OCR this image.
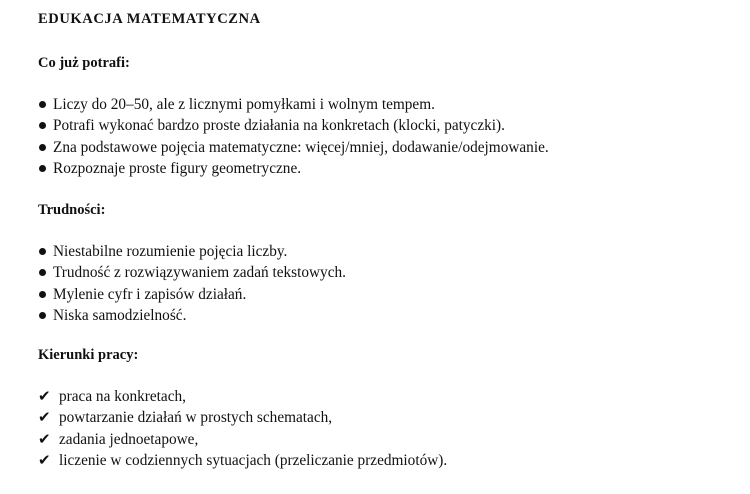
EDUKACJA MATEMATYCZNA
Co już potrafi:
Liczy do 20–50, ale z licznymi pomyłkami i wolnym tempem.
Potrafi wykonać bardzo proste działania na konkretach (klocki, patyczki).
Zna podstawowe pojęcia matematyczne: więcej/mniej, dodawanie/odejmowanie.
Rozpoznaje proste figury geometryczne.
Trudności:
Niestabilne rozumienie pojęcia liczby.
Trudność z rozwiązywaniem zadań tekstowych.
Mylenie cyfr i zapisów działań.
Niska samodzielność.
Kierunki pracy:
✔ praca na konkretach,
✔ powtarzanie działań w prostych schematach,
✔ zadania jednoetapowe,
✔ liczenie w codziennych sytuacjach (przeliczanie przedmiotów).
